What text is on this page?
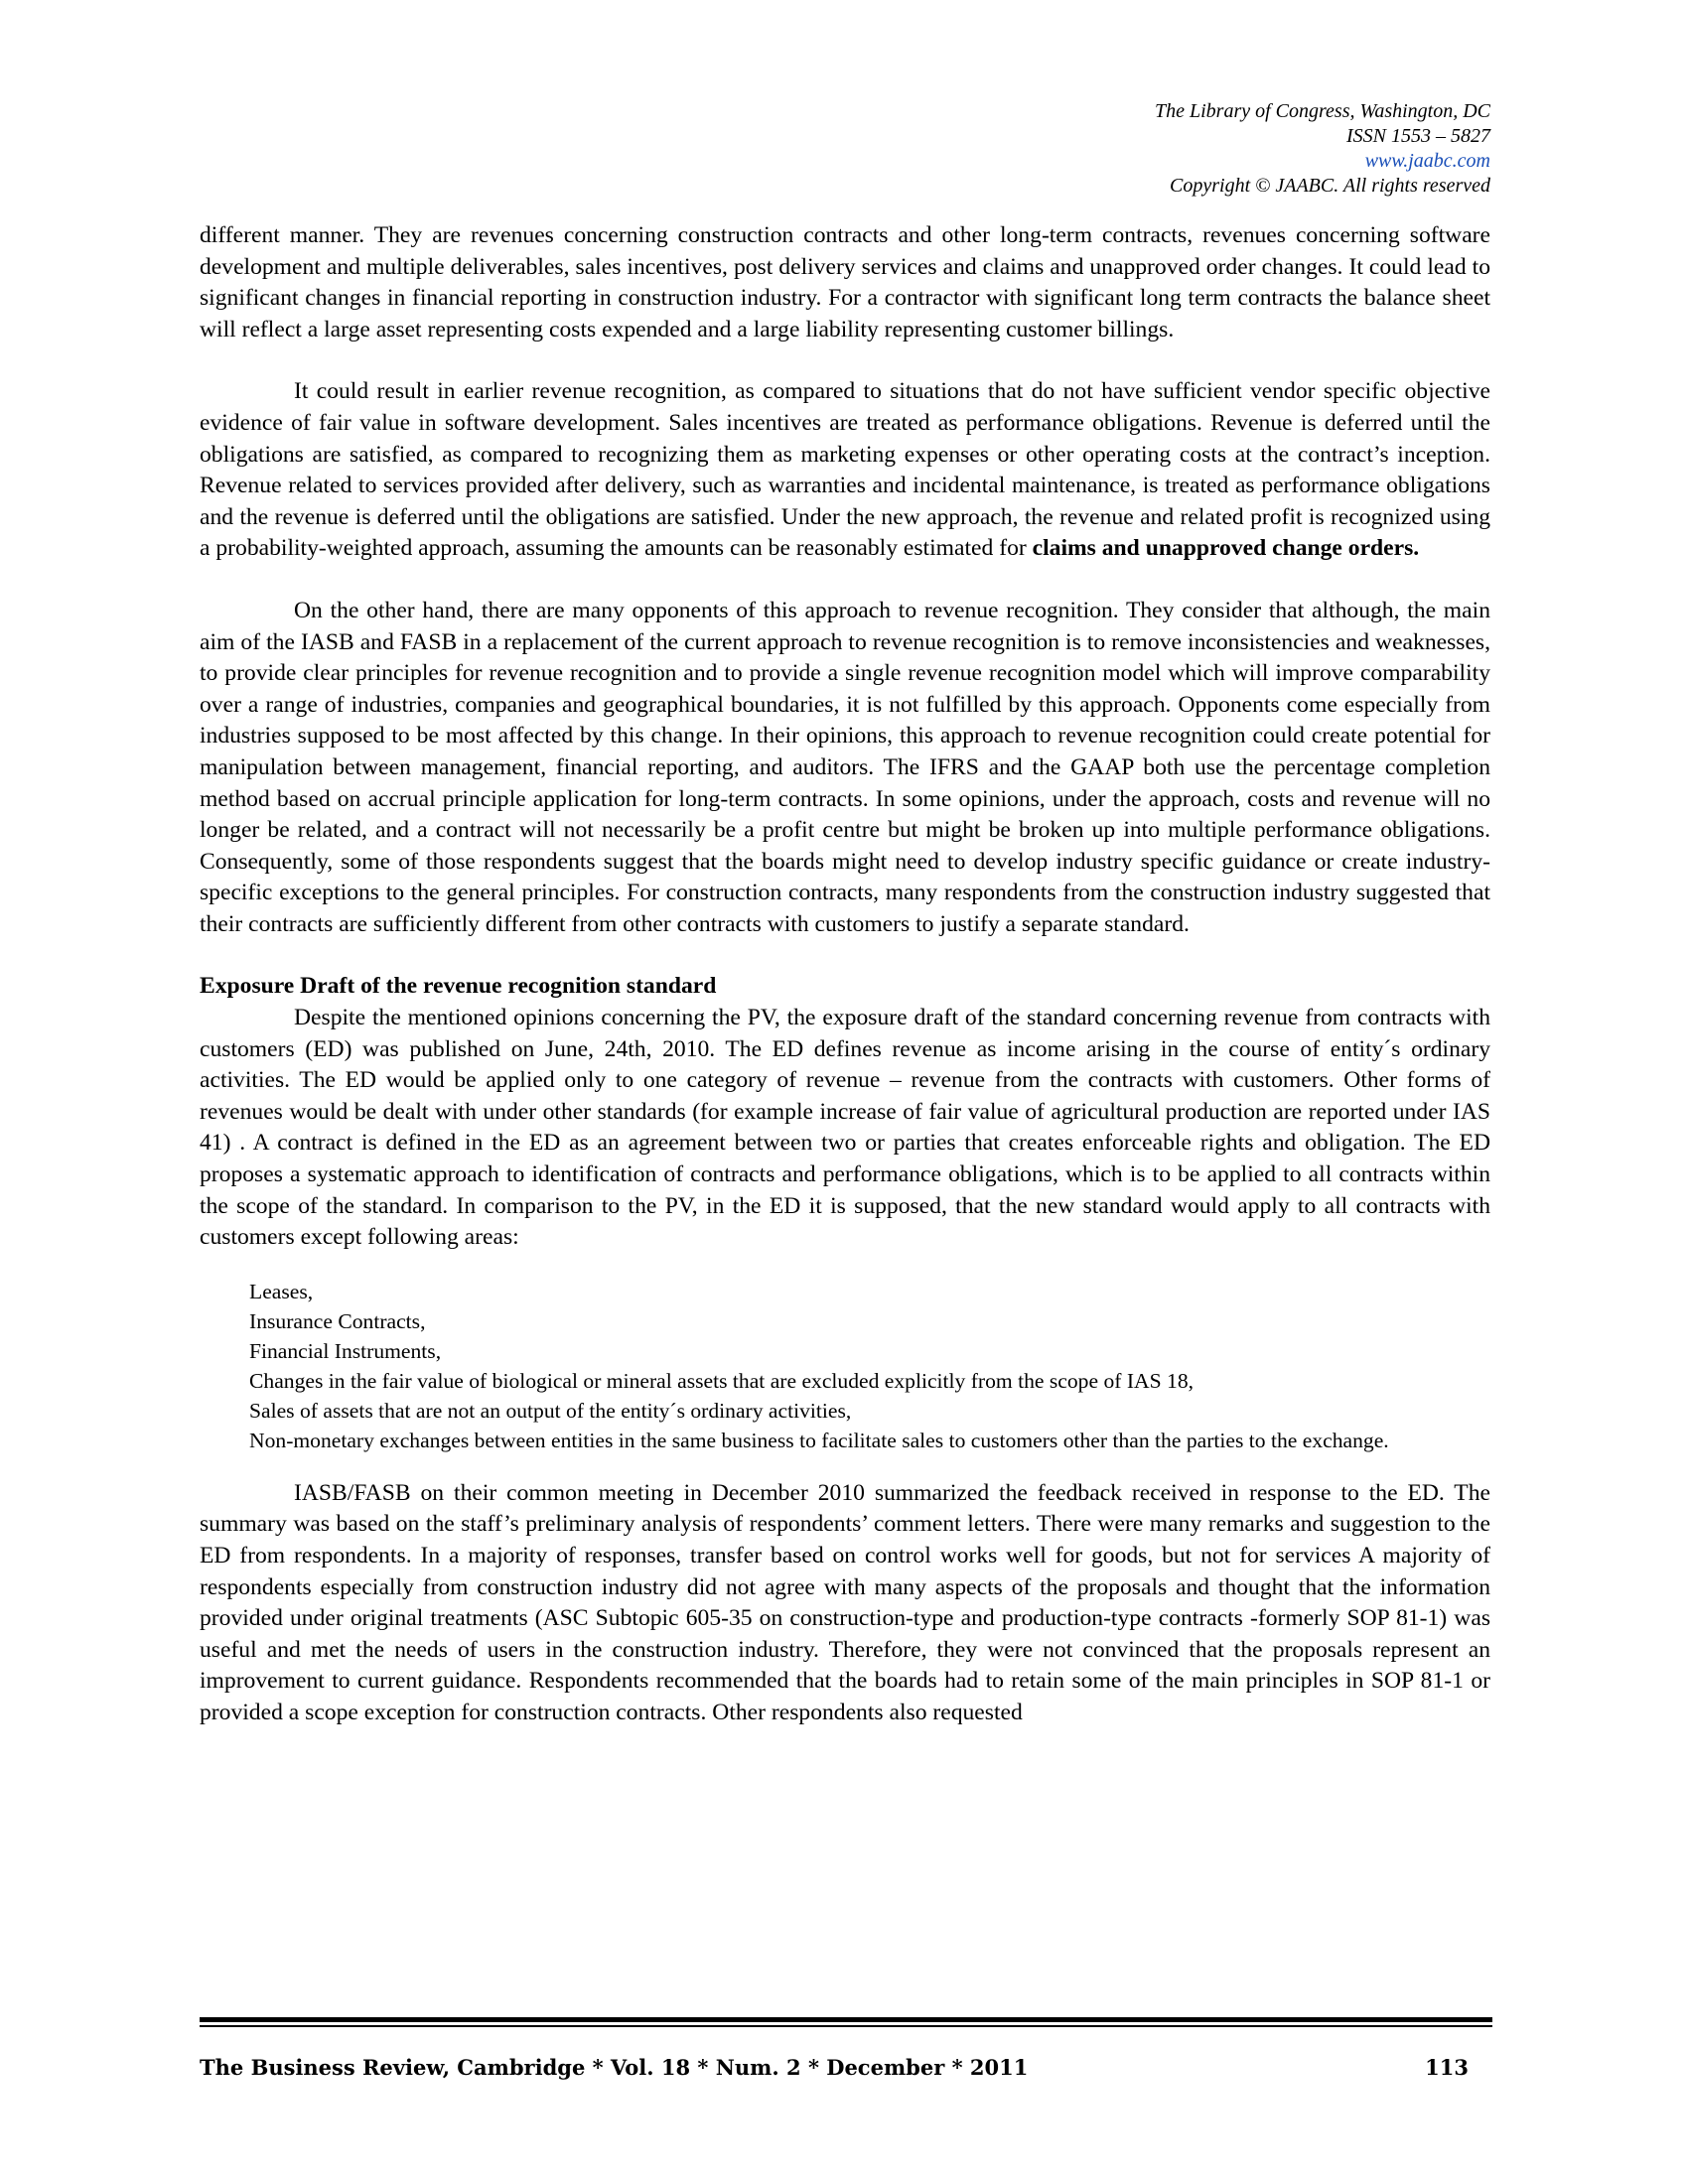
The Library of Congress, Washington, DC
ISSN 1553 – 5827
www.jaabc.com
Copyright © JAABC. All rights reserved

different manner. They are revenues concerning construction contracts and other long-term contracts, revenues concerning software development and multiple deliverables, sales incentives, post delivery services and claims and unapproved order changes. It could lead to significant changes in financial reporting in construction industry. For a contractor with significant long term contracts the balance sheet will reflect a large asset representing costs expended and a large liability representing customer billings.

It could result in earlier revenue recognition, as compared to situations that do not have sufficient vendor specific objective evidence of fair value in software development. Sales incentives are treated as performance obligations. Revenue is deferred until the obligations are satisfied, as compared to recognizing them as marketing expenses or other operating costs at the contract’s inception. Revenue related to services provided after delivery, such as warranties and incidental maintenance, is treated as performance obligations and the revenue is deferred until the obligations are satisfied. Under the new approach, the revenue and related profit is recognized using a probability-weighted approach, assuming the amounts can be reasonably estimated for claims and unapproved change orders.

On the other hand, there are many opponents of this approach to revenue recognition. They consider that although, the main aim of the IASB and FASB in a replacement of the current approach to revenue recognition is to remove inconsistencies and weaknesses, to provide clear principles for revenue recognition and to provide a single revenue recognition model which will improve comparability over a range of industries, companies and geographical boundaries, it is not fulfilled by this approach. Opponents come especially from industries supposed to be most affected by this change. In their opinions, this approach to revenue recognition could create potential for manipulation between management, financial reporting, and auditors. The IFRS and the GAAP both use the percentage completion method based on accrual principle application for long-term contracts. In some opinions, under the approach, costs and revenue will no longer be related, and a contract will not necessarily be a profit centre but might be broken up into multiple performance obligations. Consequently, some of those respondents suggest that the boards might need to develop industry specific guidance or create industry-specific exceptions to the general principles. For construction contracts, many respondents from the construction industry suggested that their contracts are sufficiently different from other contracts with customers to justify a separate standard.

Exposure Draft of the revenue recognition standard

Despite the mentioned opinions concerning the PV, the exposure draft of the standard concerning revenue from contracts with customers (ED) was published on June, 24th, 2010. The ED defines revenue as income arising in the course of entity´s ordinary activities. The ED would be applied only to one category of revenue – revenue from the contracts with customers. Other forms of revenues would be dealt with under other standards (for example increase of fair value of agricultural production are reported under IAS 41) . A contract is defined in the ED as an agreement between two or parties that creates enforceable rights and obligation. The ED proposes a systematic approach to identification of contracts and performance obligations, which is to be applied to all contracts within the scope of the standard. In comparison to the PV, in the ED it is supposed, that the new standard would apply to all contracts with customers except following areas:

Leases,
Insurance Contracts,
Financial Instruments,
Changes in the fair value of biological or mineral assets that are excluded explicitly from the scope of IAS 18,
Sales of assets that are not an output of the entity´s ordinary activities,
Non-monetary exchanges between entities in the same business to facilitate sales to customers other than the parties to the exchange.

IASB/FASB on their common meeting in December 2010 summarized the feedback received in response to the ED. The summary was based on the staff’s preliminary analysis of respondents’ comment letters. There were many remarks and suggestion to the ED from respondents. In a majority of responses, transfer based on control works well for goods, but not for services A majority of respondents especially from construction industry did not agree with many aspects of the proposals and thought that the information provided under original treatments (ASC Subtopic 605-35 on construction-type and production-type contracts -formerly SOP 81-1) was useful and met the needs of users in the construction industry. Therefore, they were not convinced that the proposals represent an improvement to current guidance. Respondents recommended that the boards had to retain some of the main principles in SOP 81-1 or provided a scope exception for construction contracts. Other respondents also requested

The Business Review, Cambridge * Vol. 18 * Num. 2 * December * 2011	113
